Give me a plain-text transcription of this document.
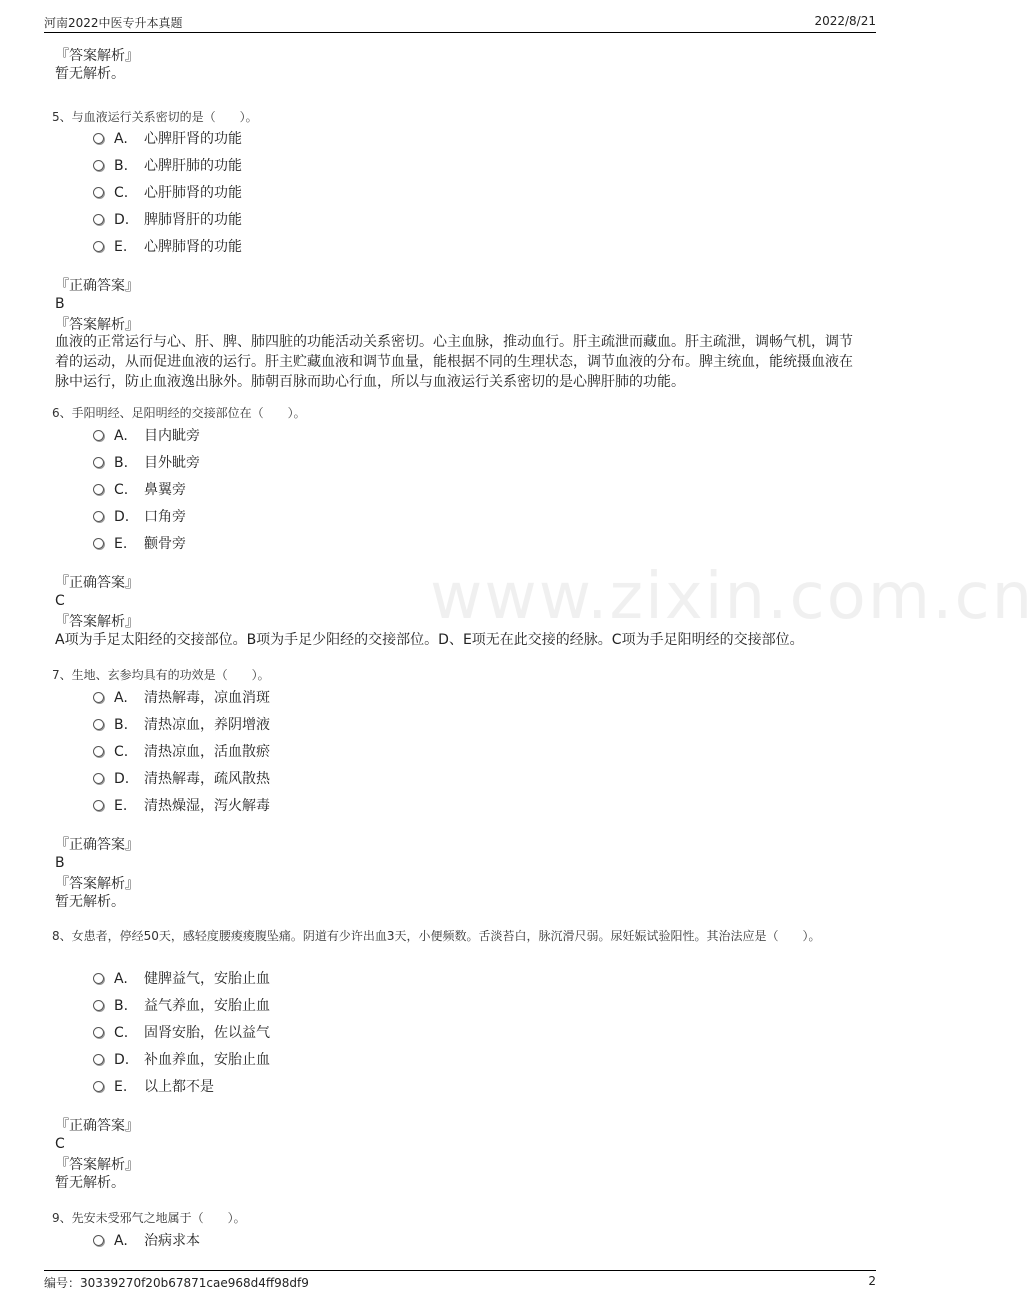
河南2022中医专升本真题	2022/8/21
www.zixin.com.cn
『答案解析』
暂无解析。
5、与血液运行关系密切的是（　　）。
A. 心脾肝肾的功能
B. 心脾肝肺的功能
C. 心肝肺肾的功能
D. 脾肺肾肝的功能
E. 心脾肺肾的功能
『正确答案』
B
『答案解析』
血液的正常运行与心、肝、脾、肺四脏的功能活动关系密切。心主血脉，推动血行。肝主疏泄而藏血。肝主疏泄，调畅气机，调节着的运动，从而促进血液的运行。肝主贮藏血液和调节血量，能根据不同的生理状态，调节血液的分布。脾主统血，能统摄血液在脉中运行，防止血液逸出脉外。肺朝百脉而助心行血，所以与血液运行关系密切的是心脾肝肺的功能。
6、手阳明经、足阳明经的交接部位在（　　）。
A. 目内眦旁
B. 目外眦旁
C. 鼻翼旁
D. 口角旁
E. 颧骨旁
『正确答案』
C
『答案解析』
A项为手足太阳经的交接部位。B项为手足少阳经的交接部位。D、E项无在此交接的经脉。C项为手足阳明经的交接部位。
7、生地、玄参均具有的功效是（　　）。
A. 清热解毒，凉血消斑
B. 清热凉血，养阴增液
C. 清热凉血，活血散瘀
D. 清热解毒，疏风散热
E. 清热燥湿，泻火解毒
『正确答案』
B
『答案解析』
暂无解析。
8、女患者，停经50天，感轻度腰痠痠腹坠痛。阴道有少许出血3天，小便频数。舌淡苔白，脉沉滑尺弱。尿妊娠试验阳性。其治法应是（　　）。
A. 健脾益气，安胎止血
B. 益气养血，安胎止血
C. 固肾安胎，佐以益气
D. 补血养血，安胎止血
E. 以上都不是
『正确答案』
C
『答案解析』
暂无解析。
9、先安未受邪气之地属于（　　）。
A. 治病求本
编号：30339270f20b67871cae968d4ff98df9	2
